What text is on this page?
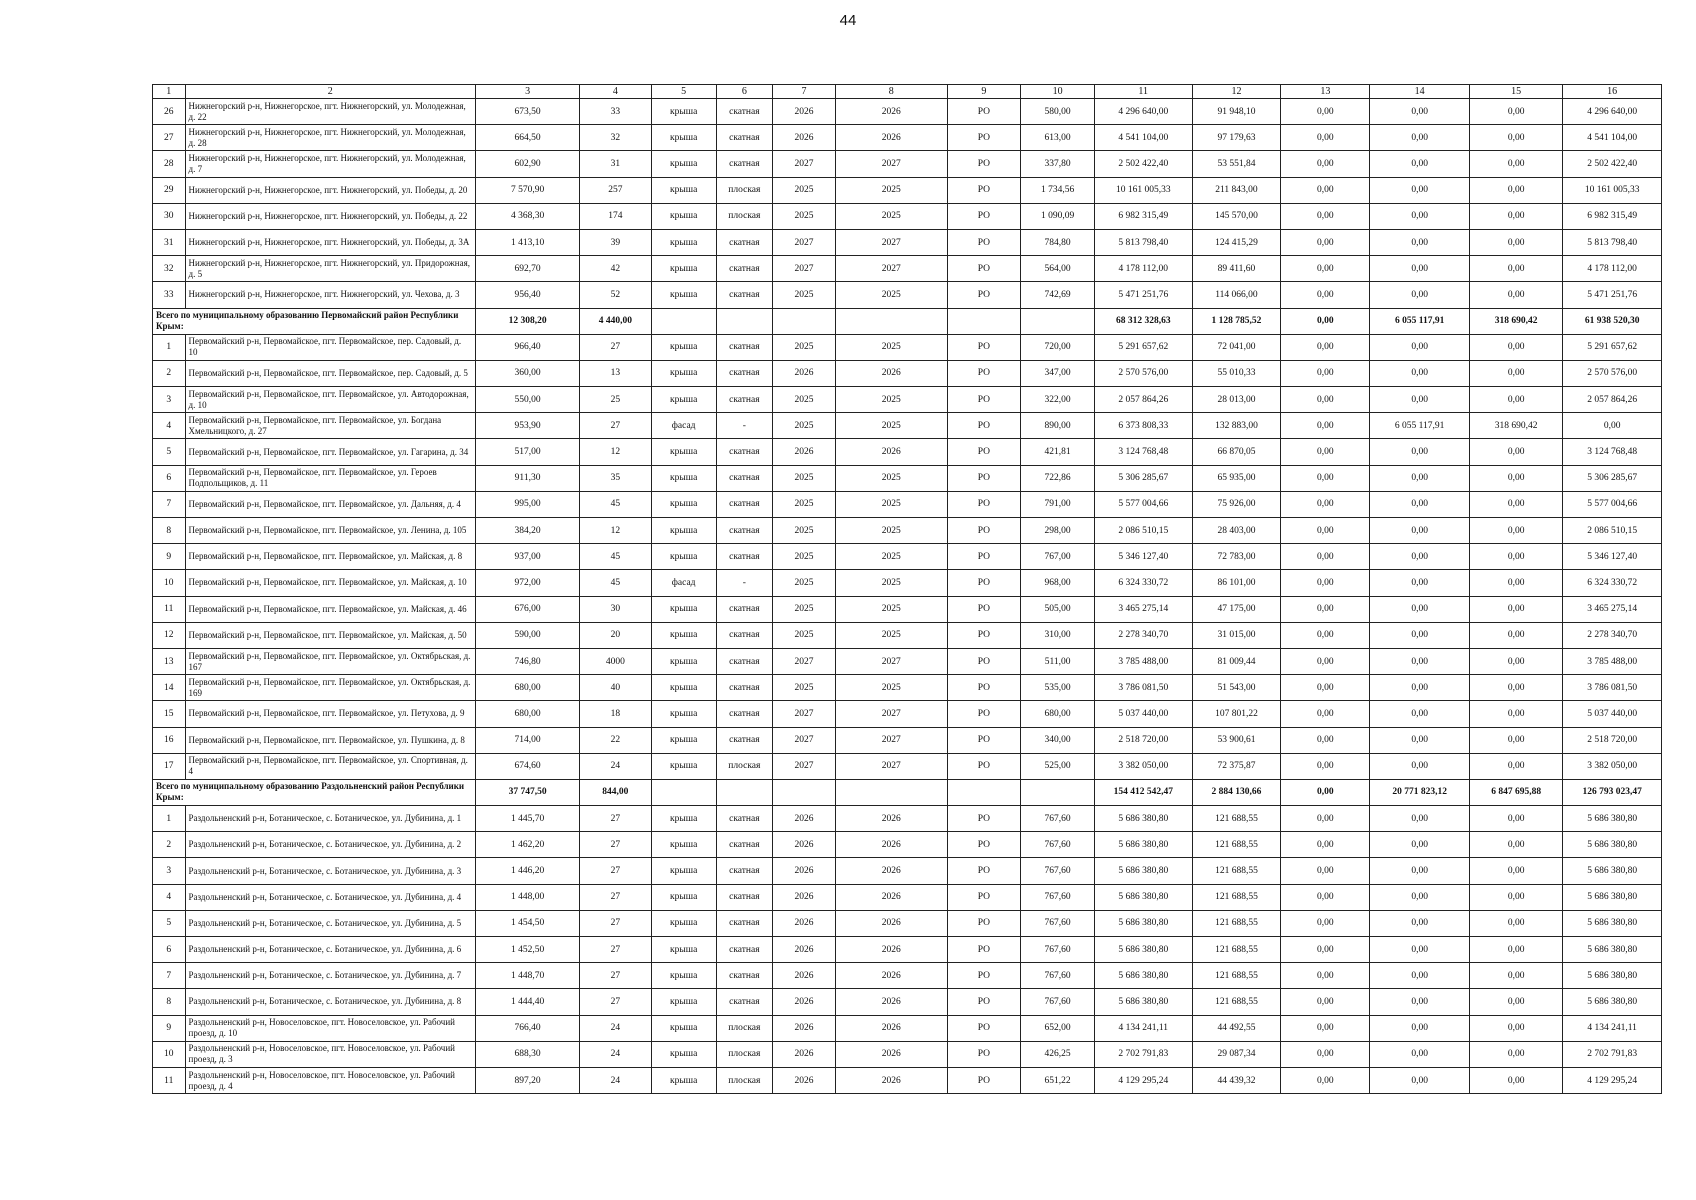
44
1	2	3	4	5	6	7	8	9	10	11	12	13	14	15	16
26	Нижнегорский р-н, Нижнегорское, пгт. Нижнегорский, ул. Молодежная, д. 22	673,50	33	крыша	скатная	2026	2026	РО	580,00	4 296 640,00	91 948,10	0,00	0,00	0,00	4 296 640,00
27	Нижнегорский р-н, Нижнегорское, пгт. Нижнегорский, ул. Молодежная, д. 28	664,50	32	крыша	скатная	2026	2026	РО	613,00	4 541 104,00	97 179,63	0,00	0,00	0,00	4 541 104,00
28	Нижнегорский р-н, Нижнегорское, пгт. Нижнегорский, ул. Молодежная, д. 7	602,90	31	крыша	скатная	2027	2027	РО	337,80	2 502 422,40	53 551,84	0,00	0,00	0,00	2 502 422,40
29	Нижнегорский р-н, Нижнегорское, пгт. Нижнегорский, ул. Победы, д. 20	7 570,90	257	крыша	плоская	2025	2025	РО	1 734,56	10 161 005,33	211 843,00	0,00	0,00	0,00	10 161 005,33
30	Нижнегорский р-н, Нижнегорское, пгт. Нижнегорский, ул. Победы, д. 22	4 368,30	174	крыша	плоская	2025	2025	РО	1 090,09	6 982 315,49	145 570,00	0,00	0,00	0,00	6 982 315,49
31	Нижнегорский р-н, Нижнегорское, пгт. Нижнегорский, ул. Победы, д. 3А	1 413,10	39	крыша	скатная	2027	2027	РО	784,80	5 813 798,40	124 415,29	0,00	0,00	0,00	5 813 798,40
32	Нижнегорский р-н, Нижнегорское, пгт. Нижнегорский, ул. Придорожная, д. 5	692,70	42	крыша	скатная	2027	2027	РО	564,00	4 178 112,00	89 411,60	0,00	0,00	0,00	4 178 112,00
33	Нижнегорский р-н, Нижнегорское, пгт. Нижнегорский, ул. Чехова, д. 3	956,40	52	крыша	скатная	2025	2025	РО	742,69	5 471 251,76	114 066,00	0,00	0,00	0,00	5 471 251,76
Всего по муниципальному образованию Первомайский район Республики Крым:		12 308,20	4 440,00							68 312 328,63	1 128 785,52	0,00	6 055 117,91	318 690,42	61 938 520,30
1	Первомайский р-н, Первомайское, пгт. Первомайское, пер. Садовый, д. 10	966,40	27	крыша	скатная	2025	2025	РО	720,00	5 291 657,62	72 041,00	0,00	0,00	0,00	5 291 657,62
2	Первомайский р-н, Первомайское, пгт. Первомайское, пер. Садовый, д. 5	360,00	13	крыша	скатная	2026	2026	РО	347,00	2 570 576,00	55 010,33	0,00	0,00	0,00	2 570 576,00
3	Первомайский р-н, Первомайское, пгт. Первомайское, ул. Автодорожная, д. 10	550,00	25	крыша	скатная	2025	2025	РО	322,00	2 057 864,26	28 013,00	0,00	0,00	0,00	2 057 864,26
4	Первомайский р-н, Первомайское, пгт. Первомайское, ул. Богдана Хмельницкого, д. 27	953,90	27	фасад	-	2025	2025	РО	890,00	6 373 808,33	132 883,00	0,00	6 055 117,91	318 690,42	0,00
5	Первомайский р-н, Первомайское, пгт. Первомайское, ул. Гагарина, д. 34	517,00	12	крыша	скатная	2026	2026	РО	421,81	3 124 768,48	66 870,05	0,00	0,00	0,00	3 124 768,48
6	Первомайский р-н, Первомайское, пгт. Первомайское, ул. Героев Подпольщиков, д. 11	911,30	35	крыша	скатная	2025	2025	РО	722,86	5 306 285,67	65 935,00	0,00	0,00	0,00	5 306 285,67
7	Первомайский р-н, Первомайское, пгт. Первомайское, ул. Дальняя, д. 4	995,00	45	крыша	скатная	2025	2025	РО	791,00	5 577 004,66	75 926,00	0,00	0,00	0,00	5 577 004,66
8	Первомайский р-н, Первомайское, пгт. Первомайское, ул. Ленина, д. 105	384,20	12	крыша	скатная	2025	2025	РО	298,00	2 086 510,15	28 403,00	0,00	0,00	0,00	2 086 510,15
9	Первомайский р-н, Первомайское, пгт. Первомайское, ул. Майская, д. 8	937,00	45	крыша	скатная	2025	2025	РО	767,00	5 346 127,40	72 783,00	0,00	0,00	0,00	5 346 127,40
10	Первомайский р-н, Первомайское, пгт. Первомайское, ул. Майская, д. 10	972,00	45	фасад	-	2025	2025	РО	968,00	6 324 330,72	86 101,00	0,00	0,00	0,00	6 324 330,72
11	Первомайский р-н, Первомайское, пгт. Первомайское, ул. Майская, д. 46	676,00	30	крыша	скатная	2025	2025	РО	505,00	3 465 275,14	47 175,00	0,00	0,00	0,00	3 465 275,14
12	Первомайский р-н, Первомайское, пгт. Первомайское, ул. Майская, д. 50	590,00	20	крыша	скатная	2025	2025	РО	310,00	2 278 340,70	31 015,00	0,00	0,00	0,00	2 278 340,70
13	Первомайский р-н, Первомайское, пгт. Первомайское, ул. Октябрьская, д. 167	746,80	4000	крыша	скатная	2027	2027	РО	511,00	3 785 488,00	81 009,44	0,00	0,00	0,00	3 785 488,00
14	Первомайский р-н, Первомайское, пгт. Первомайское, ул. Октябрьская, д. 169	680,00	40	крыша	скатная	2025	2025	РО	535,00	3 786 081,50	51 543,00	0,00	0,00	0,00	3 786 081,50
15	Первомайский р-н, Первомайское, пгт. Первомайское, ул. Петухова, д. 9	680,00	18	крыша	скатная	2027	2027	РО	680,00	5 037 440,00	107 801,22	0,00	0,00	0,00	5 037 440,00
16	Первомайский р-н, Первомайское, пгт. Первомайское, ул. Пушкина, д. 8	714,00	22	крыша	скатная	2027	2027	РО	340,00	2 518 720,00	53 900,61	0,00	0,00	0,00	2 518 720,00
17	Первомайский р-н, Первомайское, пгт. Первомайское, ул. Спортивная, д. 4	674,60	24	крыша	плоская	2027	2027	РО	525,00	3 382 050,00	72 375,87	0,00	0,00	0,00	3 382 050,00
Всего по муниципальному образованию Раздольненский район Республики Крым:		37 747,50	844,00							154 412 542,47	2 884 130,66	0,00	20 771 823,12	6 847 695,88	126 793 023,47
1	Раздольненский р-н, Ботаническое, с. Ботаническое, ул. Дубинина, д. 1	1 445,70	27	крыша	скатная	2026	2026	РО	767,60	5 686 380,80	121 688,55	0,00	0,00	0,00	5 686 380,80
2	Раздольненский р-н, Ботаническое, с. Ботаническое, ул. Дубинина, д. 2	1 462,20	27	крыша	скатная	2026	2026	РО	767,60	5 686 380,80	121 688,55	0,00	0,00	0,00	5 686 380,80
3	Раздольненский р-н, Ботаническое, с. Ботаническое, ул. Дубинина, д. 3	1 446,20	27	крыша	скатная	2026	2026	РО	767,60	5 686 380,80	121 688,55	0,00	0,00	0,00	5 686 380,80
4	Раздольненский р-н, Ботаническое, с. Ботаническое, ул. Дубинина, д. 4	1 448,00	27	крыша	скатная	2026	2026	РО	767,60	5 686 380,80	121 688,55	0,00	0,00	0,00	5 686 380,80
5	Раздольненский р-н, Ботаническое, с. Ботаническое, ул. Дубинина, д. 5	1 454,50	27	крыша	скатная	2026	2026	РО	767,60	5 686 380,80	121 688,55	0,00	0,00	0,00	5 686 380,80
6	Раздольненский р-н, Ботаническое, с. Ботаническое, ул. Дубинина, д. 6	1 452,50	27	крыша	скатная	2026	2026	РО	767,60	5 686 380,80	121 688,55	0,00	0,00	0,00	5 686 380,80
7	Раздольненский р-н, Ботаническое, с. Ботаническое, ул. Дубинина, д. 7	1 448,70	27	крыша	скатная	2026	2026	РО	767,60	5 686 380,80	121 688,55	0,00	0,00	0,00	5 686 380,80
8	Раздольненский р-н, Ботаническое, с. Ботаническое, ул. Дубинина, д. 8	1 444,40	27	крыша	скатная	2026	2026	РО	767,60	5 686 380,80	121 688,55	0,00	0,00	0,00	5 686 380,80
9	Раздольненский р-н, Новоселовское, пгт. Новоселовское, ул. Рабочий проезд, д. 10	766,40	24	крыша	плоская	2026	2026	РО	652,00	4 134 241,11	44 492,55	0,00	0,00	0,00	4 134 241,11
10	Раздольненский р-н, Новоселовское, пгт. Новоселовское, ул. Рабочий проезд, д. 3	688,30	24	крыша	плоская	2026	2026	РО	426,25	2 702 791,83	29 087,34	0,00	0,00	0,00	2 702 791,83
11	Раздольненский р-н, Новоселовское, пгт. Новоселовское, ул. Рабочий проезд, д. 4	897,20	24	крыша	плоская	2026	2026	РО	651,22	4 129 295,24	44 439,32	0,00	0,00	0,00	4 129 295,24
